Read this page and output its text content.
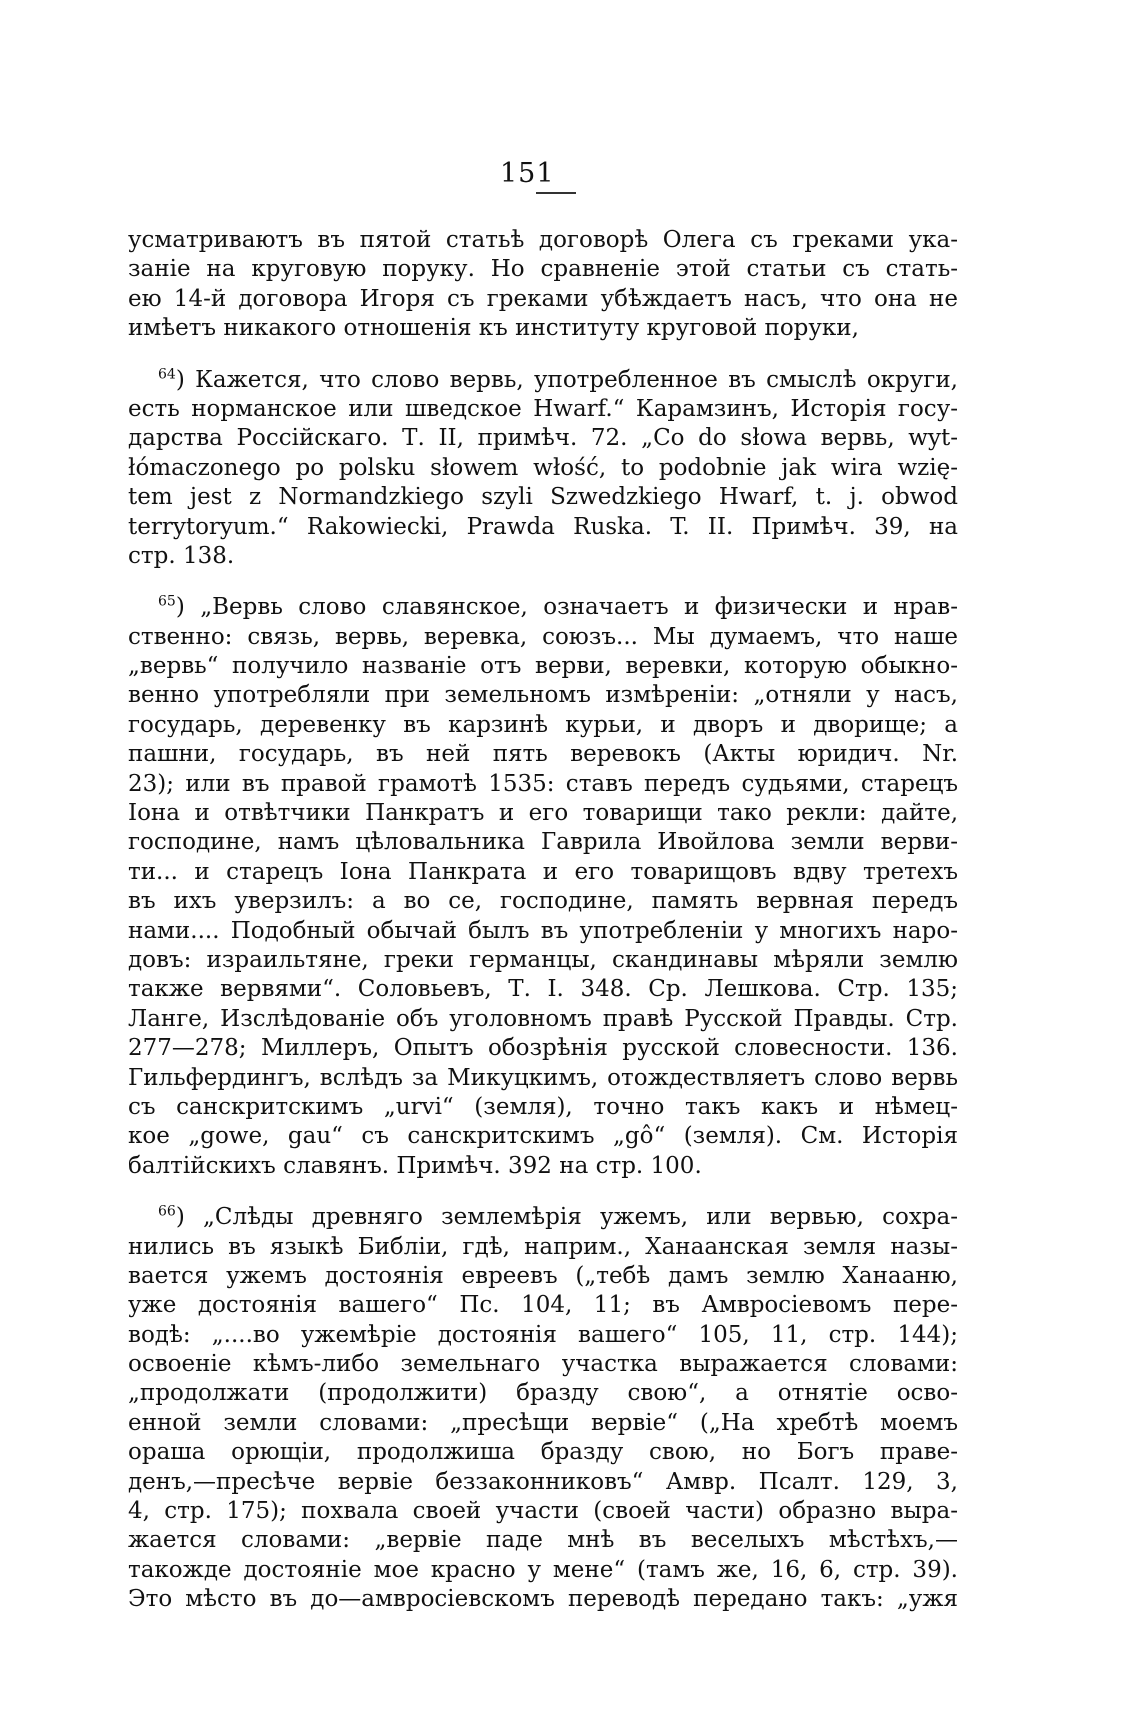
151
усматриваютъ въ пятой статьѣ договорѣ Олега съ греками ука-
заніе на круговую поруку. Но сравненіе этой статьи съ стать-
ею 14-й договора Игоря съ греками убѣждаетъ насъ, что она не
имѣетъ никакого отношенія къ институту круговой поруки,
$^{64}$) Кажется, что слово вервь, употребленное въ смыслѣ округи,
есть норманское или шведское Hwarf.“ Карамзинъ, Исторія госу-
дарства Россійскаго. Т. II, примѣч. 72. „Co do słowa вервь, wyt-
łómaczonego po polsku słowem włość, to podobnie jak wira wzię-
tem jest z Normandzkiego szyli Szwedzkiego Hwarf, t. j. obwod
terrytoryum.“ Rakowiecki, Prawda Ruska. T. II. Примѣч. 39, на
стр. 138.
$^{65}$) „Вервь слово славянское, означаетъ и физически и нрав-
ственно: связь, вервь, веревка, союзъ... Мы думаемъ, что наше
„вервь“ получило названіе отъ верви, веревки, которую обыкно-
венно употребляли при земельномъ измѣреніи: „отняли у насъ,
государь, деревенку въ карзинѣ курьи, и дворъ и дворище; а
пашни, государь, въ ней пять веревокъ (Акты юридич. Nr.
23); или въ правой грамотѣ 1535: ставъ передъ судьями, старецъ
Іона и отвѣтчики Панкратъ и его товарищи тако рекли: дайте,
господине, намъ цѣловальника Гаврила Ивойлова земли верви-
ти... и старецъ Іона Панкрата и его товарищовъ вдву третехъ
въ ихъ уверзилъ: а во се, господине, память вервная передъ
нами.... Подобный обычай былъ въ употребленіи у многихъ наро-
довъ: израильтяне, греки германцы, скандинавы мѣряли землю
также вервями“. Соловьевъ, Т. I. 348. Ср. Лешкова. Стр. 135;
Ланге, Изслѣдованіе объ уголовномъ правѣ Русской Правды. Стр.
277—278; Миллеръ, Опытъ обозрѣнія русской словесности. 136.
Гильфердингъ, вслѣдъ за Микуцкимъ, отождествляетъ слово вервь
съ санскритскимъ „urvi“ (земля), точно такъ какъ и нѣмец-
кое „gowe, gau“ съ санскритскимъ „gô“ (земля). См. Исторія
балтійскихъ славянъ. Примѣч. 392 на стр. 100.
$^{66}$) „Слѣды древняго землемѣрія ужемъ, или вервью, сохра-
нились въ языкѣ Библіи, гдѣ, наприм., Ханаанская земля назы-
вается ужемъ достоянія евреевъ („тебѣ дамъ землю Ханааню,
уже достоянія вашего“ Пс. 104, 11; въ Амвросіевомъ пере-
водѣ: „....во ужемѣріе достоянія вашего“ 105, 11, стр. 144);
освоеніе кѣмъ-либо земельнаго участка выражается словами:
„продолжати (продолжити) бразду свою“, а отнятіе осво-
енной земли словами: „пресѣщи вервіе“ („На хребтѣ моемъ
ораша орющіи, продолжиша бразду свою, но Богъ праве-
денъ,—пресѣче вервіе беззаконниковъ“ Амвр. Псалт. 129, 3,
4, стр. 175); похвала своей участи (своей части) образно выра-
жается словами: „вервіе паде мнѣ въ веселыхъ мѣстѣхъ,—
такожде достояніе мое красно у мене“ (тамъ же, 16, 6, стр. 39).
Это мѣсто въ до—амвросіевскомъ переводѣ передано такъ: „ужя
